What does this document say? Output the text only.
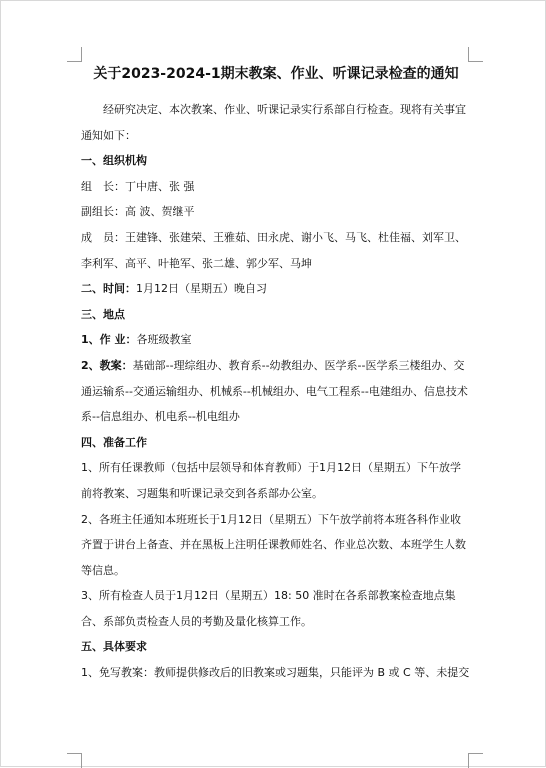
关于2023-2024-1期末教案、作业、听课记录检查的通知

经研究决定、本次教案、作业、听课记录实行系部自行检查。现将有关事宜通知如下：

一、组织机构

组　长：丁中唐、张 强

副组长：高 波、贺继平

成　员：王建锋、张建荣、王雅茹、田永虎、谢小飞、马飞、杜佳福、刘军卫、李利军、高平、叶艳军、张二雄、郭少军、马坤

二、时间：1月12日（星期五）晚自习

三、地点

1、作 业：各班级教室

2、教案：基础部--理综组办、教育系--幼教组办、医学系--医学系三楼组办、交通运输系--交通运输组办、机械系--机械组办、电气工程系--电建组办、信息技术系--信息组办、机电系--机电组办

四、准备工作

1、所有任课教师（包括中层领导和体育教师）于1月12日（星期五）下午放学前将教案、习题集和听课记录交到各系部办公室。

2、各班主任通知本班班长于1月12日（星期五）下午放学前将本班各科作业收齐置于讲台上备查、并在黑板上注明任课教师姓名、作业总次数、本班学生人数等信息。

3、所有检查人员于1月12日（星期五）18: 50 准时在各系部教案检查地点集合、系部负责检查人员的考勤及量化核算工作。

五、具体要求

1、免写教案：教师提供修改后的旧教案或习题集，只能评为 B 或 C 等、未提交
